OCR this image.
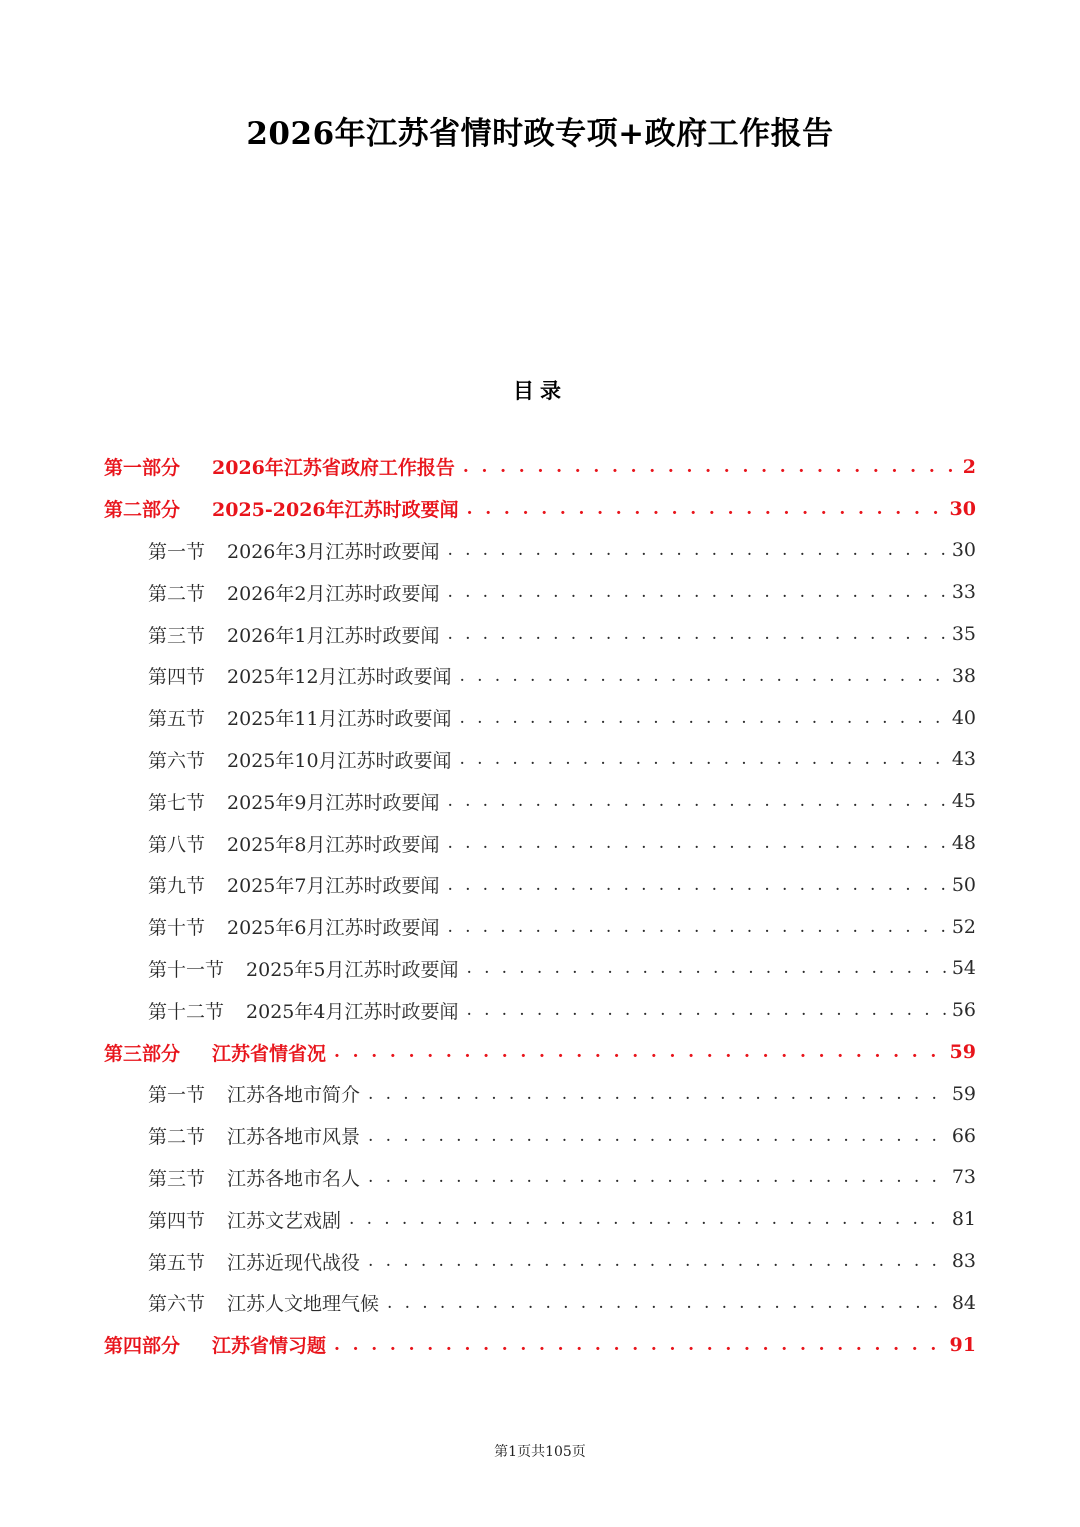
2026年江苏省情时政专项+政府工作报告
目录
第一部分	2026年江苏省政府工作报告 . . .	2
第二部分	2025-2026年江苏时政要闻 . . .	30
第一节 2026年3月江苏时政要闻 . . .	30
第二节 2026年2月江苏时政要闻 . . .	33
第三节 2026年1月江苏时政要闻 . . .	35
第四节 2025年12月江苏时政要闻 . . .	38
第五节 2025年11月江苏时政要闻 . . .	40
第六节 2025年10月江苏时政要闻 . . .	43
第七节 2025年9月江苏时政要闻 . . .	45
第八节 2025年8月江苏时政要闻 . . .	48
第九节 2025年7月江苏时政要闻 . . .	50
第十节 2025年6月江苏时政要闻 . . .	52
第十一节 2025年5月江苏时政要闻 . . .	54
第十二节 2025年4月江苏时政要闻 . . .	56
第三部分	江苏省情省况 . . .	59
第一节 江苏各地市简介 . . .	59
第二节 江苏各地市风景 . . .	66
第三节 江苏各地市名人 . . .	73
第四节 江苏文艺戏剧 . . .	81
第五节 江苏近现代战役 . . .	83
第六节 江苏人文地理气候 . . .	84
第四部分	江苏省情习题 . . .	91
第1页共105页
